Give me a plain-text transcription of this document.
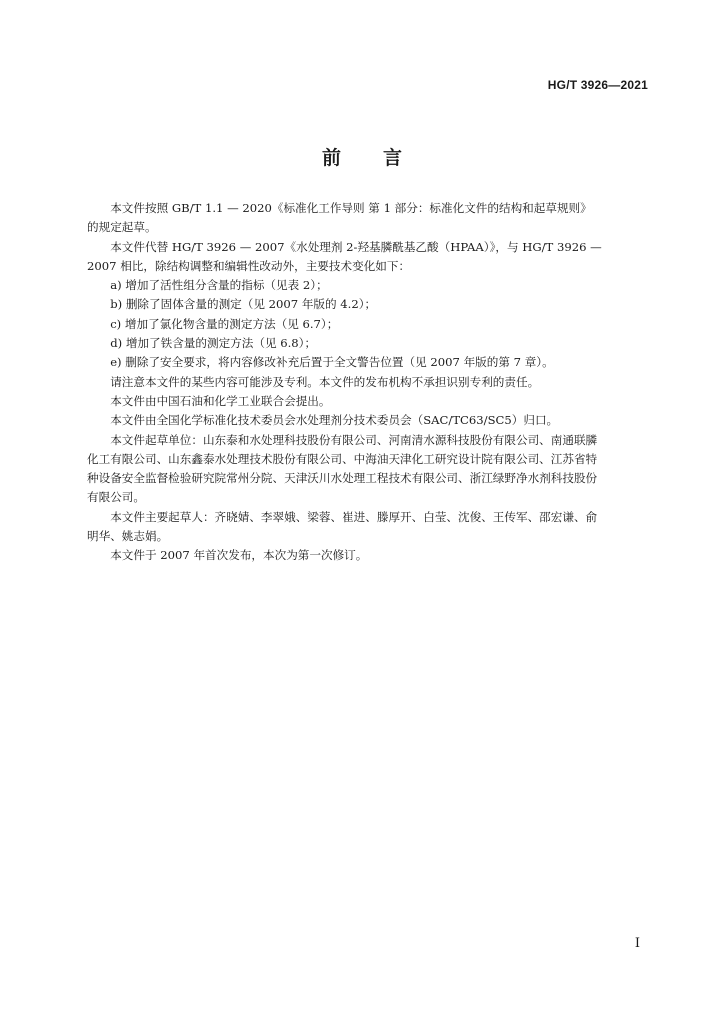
HG/T 3926—2021
前言

本文件按照 GB/T 1.1 — 2020《标准化工作导则 第 1 部分：标准化文件的结构和起草规则》

的规定起草。

本文件代替 HG/T 3926 — 2007《水处理剂 2-羟基膦酰基乙酸（HPAA）》，与 HG/T 3926 —

2007 相比，除结构调整和编辑性改动外，主要技术变化如下：

a) 增加了活性组分含量的指标（见表 2）；

b) 删除了固体含量的测定（见 2007 年版的 4.2）；

c) 增加了氯化物含量的测定方法（见 6.7）；

d) 增加了铁含量的测定方法（见 6.8）；

e) 删除了安全要求，将内容修改补充后置于全文警告位置（见 2007 年版的第 7 章）。

请注意本文件的某些内容可能涉及专利。本文件的发布机构不承担识别专利的责任。

本文件由中国石油和化学工业联合会提出。

本文件由全国化学标准化技术委员会水处理剂分技术委员会（SAC/TC63/SC5）归口。

本文件起草单位：山东泰和水处理科技股份有限公司、河南清水源科技股份有限公司、南通联膦

化工有限公司、山东鑫泰水处理技术股份有限公司、中海油天津化工研究设计院有限公司、江苏省特

种设备安全监督检验研究院常州分院、天津沃川水处理工程技术有限公司、浙江绿野净水剂科技股份

有限公司。

本文件主要起草人：齐晓婧、李翠娥、梁蓉、崔进、滕厚开、白莹、沈俊、王传军、邵宏谦、俞

明华、姚志娟。

本文件于 2007 年首次发布，本次为第一次修订。

I
